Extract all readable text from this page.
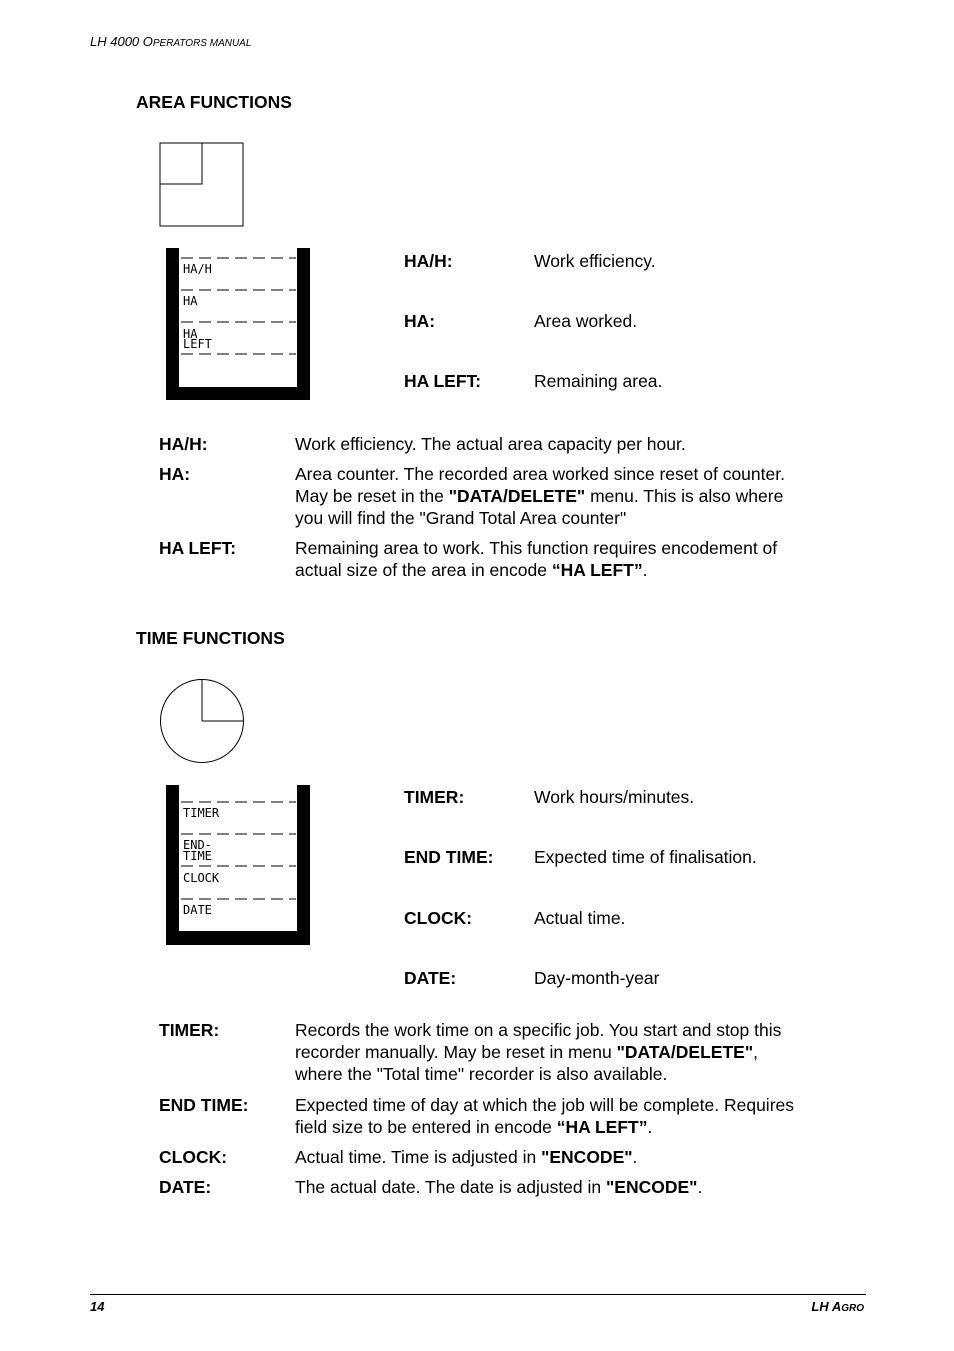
LH 4000 OPERATORS MANUAL
AREA FUNCTIONS
HA/H
HA
HA
LEFT
HA/H:	Work efficiency.
HA:	Area worked.
HA LEFT:	Remaining area.
HA/H:	Work efficiency. The actual area capacity per hour.
HA:	Area counter. The recorded area worked since reset of counter.
May be reset in the "DATA/DELETE" menu. This is also where
you will find the "Grand Total Area counter"
HA LEFT:	Remaining area to work. This function requires encodement of
actual size of the area in encode “HA LEFT”.
TIME FUNCTIONS
TIMER
END-
TIME
CLOCK
DATE
TIMER:	Work hours/minutes.
END TIME: Expected time of finalisation.
CLOCK:	Actual time.
DATE:	Day-month-year
TIMER:	Records the work time on a specific job. You start and stop this
recorder manually. May be reset in menu "DATA/DELETE",
where the "Total time" recorder is also available.
END TIME:	Expected time of day at which the job will be complete. Requires
field size to be entered in encode “HA LEFT”.
CLOCK:	Actual time. Time is adjusted in "ENCODE".
DATE:	The actual date. The date is adjusted in "ENCODE".
14	LH AGRO
